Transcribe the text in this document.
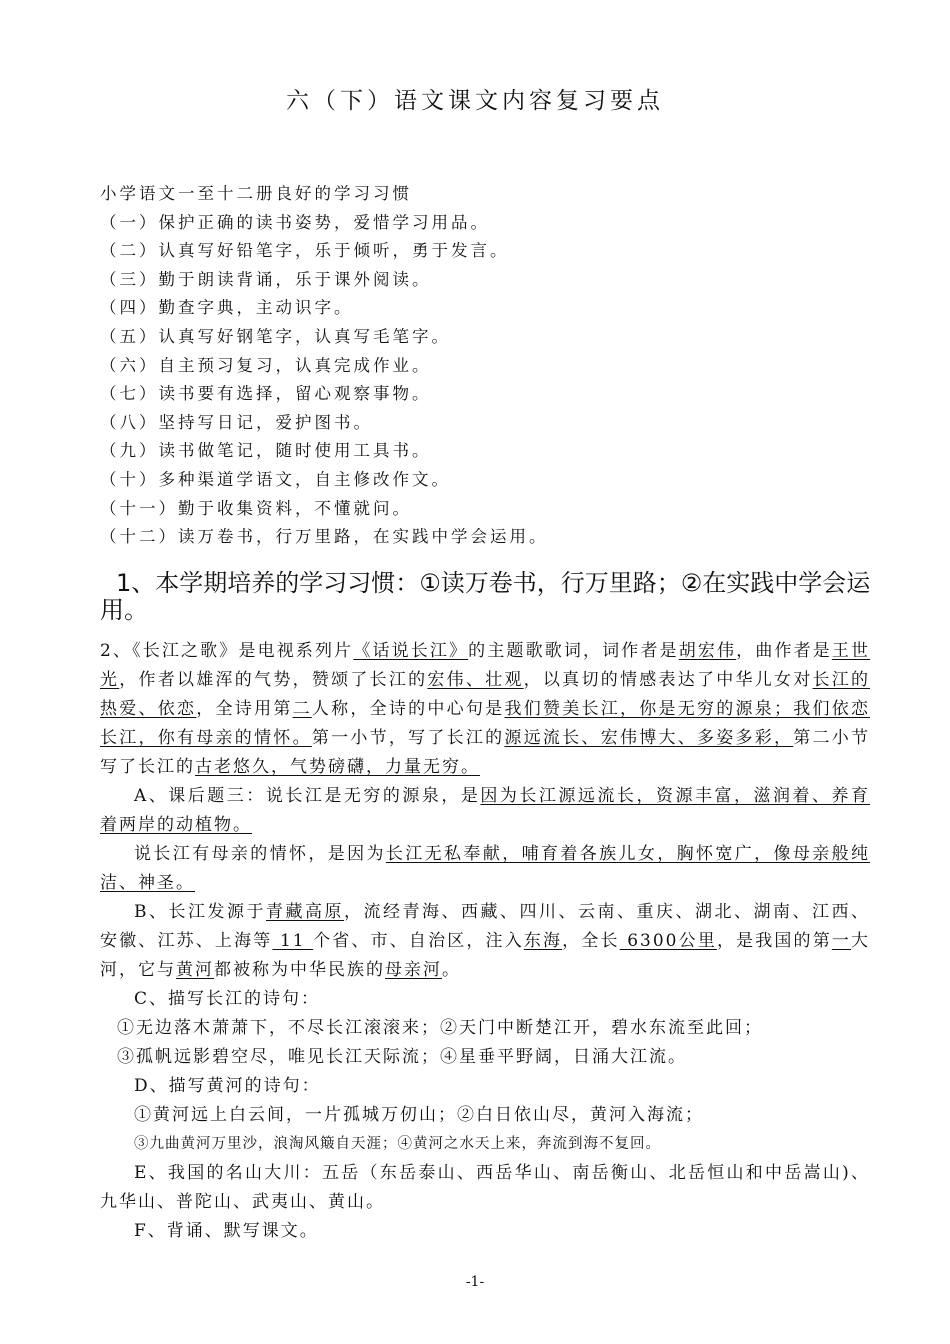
六（下）语文课文内容复习要点
小学语文一至十二册良好的学习习惯
（一）保护正确的读书姿势，爱惜学习用品。
（二）认真写好铅笔字，乐于倾听，勇于发言。
（三）勤于朗读背诵，乐于课外阅读。
（四）勤查字典，主动识字。
（五）认真写好钢笔字，认真写毛笔字。
（六）自主预习复习，认真完成作业。
（七）读书要有选择，留心观察事物。
（八）坚持写日记，爱护图书。
（九）读书做笔记，随时使用工具书。
（十）多种渠道学语文，自主修改作文。
（十一）勤于收集资料，不懂就问。
（十二）读万卷书，行万里路，在实践中学会运用。
1、本学期培养的学习习惯：①读万卷书，行万里路；②在实践中学会运用。
2、《长江之歌》是电视系列片《话说长江》的主题歌歌词，词作者是胡宏伟，曲作者是王世光，作者以雄浑的气势，赞颂了长江的宏伟、壮观，以真切的情感表达了中华儿女对长江的热爱、依恋，全诗用第二人称，全诗的中心句是我们赞美长江，你是无穷的源泉；我们依恋长江，你有母亲的情怀。第一小节，写了长江的源远流长、宏伟博大、多姿多彩，第二小节写了长江的古老悠久，气势磅礴，力量无穷。
A、课后题三：说长江是无穷的源泉，是因为长江源远流长，资源丰富，滋润着、养育着两岸的动植物。
说长江有母亲的情怀，是因为长江无私奉献，哺育着各族儿女，胸怀宽广，像母亲般纯洁、神圣。
B、长江发源于青藏高原，流经青海、西藏、四川、云南、重庆、湖北、湖南、江西、安徽、江苏、上海等 11 个省、市、自治区，注入东海，全长 6300公里，是我国的第一大河，它与黄河都被称为中华民族的母亲河。
C、描写长江的诗句：
①无边落木萧萧下，不尽长江滚滚来；②天门中断楚江开，碧水东流至此回；
③孤帆远影碧空尽，唯见长江天际流；④星垂平野阔，日涌大江流。
D、描写黄河的诗句：
①黄河远上白云间，一片孤城万仞山；②白日依山尽，黄河入海流；
③九曲黄河万里沙，浪淘风簸自天涯；④黄河之水天上来，奔流到海不复回。
E、我国的名山大川：五岳（东岳泰山、西岳华山、南岳衡山、北岳恒山和中岳嵩山)、九华山、普陀山、武夷山、黄山。
F、背诵、默写课文。
-1-
